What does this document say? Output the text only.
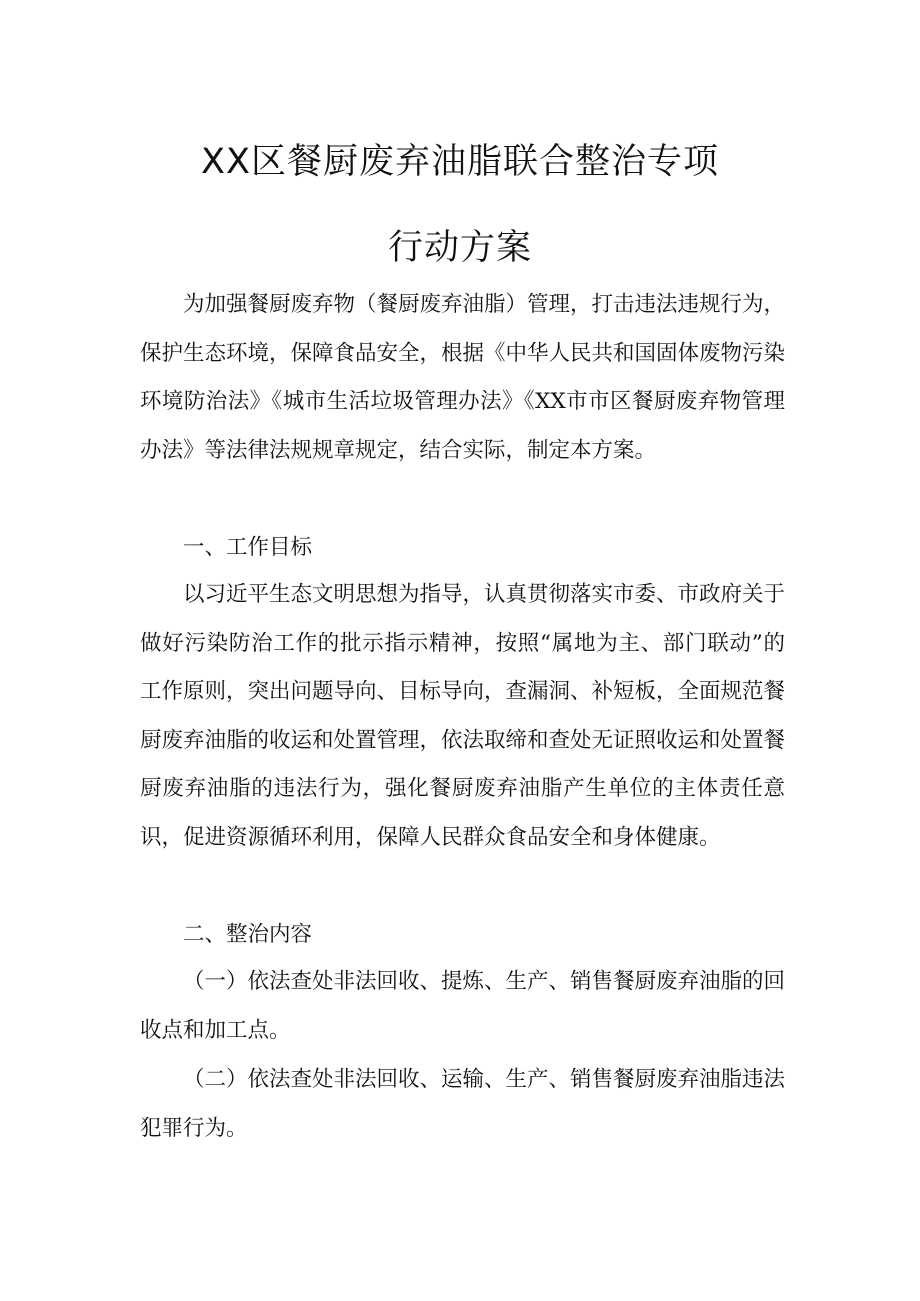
XX区餐厨废弃油脂联合整治专项
行动方案

为加强餐厨废弃物（餐厨废弃油脂）管理，打击违法违规行为，保护生态环境，保障食品安全，根据《中华人民共和国固体废物污染环境防治法》《城市生活垃圾管理办法》《XX市市区餐厨废弃物管理办法》等法律法规规章规定，结合实际，制定本方案。

一、工作目标

以习近平生态文明思想为指导，认真贯彻落实市委、市政府关于做好污染防治工作的批示指示精神，按照“属地为主、部门联动”的工作原则，突出问题导向、目标导向，查漏洞、补短板，全面规范餐厨废弃油脂的收运和处置管理，依法取缔和查处无证照收运和处置餐厨废弃油脂的违法行为，强化餐厨废弃油脂产生单位的主体责任意识，促进资源循环利用，保障人民群众食品安全和身体健康。

二、整治内容

（一）依法查处非法回收、提炼、生产、销售餐厨废弃油脂的回收点和加工点。

（二）依法查处非法回收、运输、生产、销售餐厨废弃油脂违法犯罪行为。
